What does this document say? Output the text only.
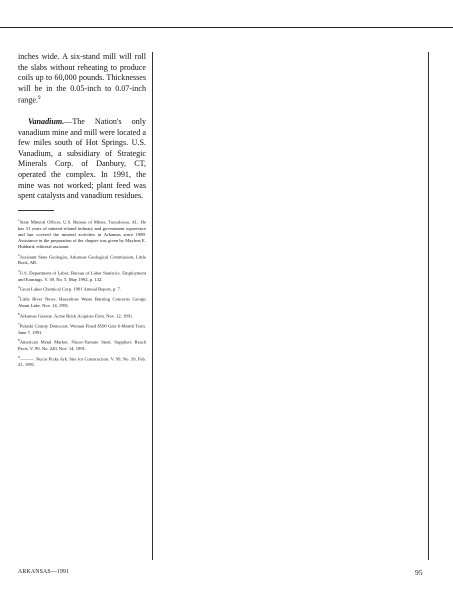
inches wide. A six-stand mill will roll the slabs without reheating to produce coils up to 60,000 pounds. Thicknesses will be in the 0.05-inch to 0.07-inch range.$^9$

Vanadium.—The Nation's only vanadium mine and mill were located a few miles south of Hot Springs. U.S. Vanadium, a subsidiary of Strategic Minerals Corp. of Danbury, CT, operated the complex. In 1991, the mine was not worked; plant feed was spent catalysts and vanadium residues.

$^1$State Mineral Officer, U.S. Bureau of Mines, Tuscaloosa, AL. He has 31 years of mineral-related industry and government experience and has covered the mineral activities in Arkansas since 1989. Assistance in the preparation of the chapter was given by Mayleas E. Hubbard, editorial assistant.

$^2$Assistant State Geologist, Arkansas Geological Commission, Little Rock, AR.

$^3$U.S. Department of Labor, Bureau of Labor Statistics. Employment and Earnings. V. 39, No. 5, May 1992, p. 132.

$^4$Great Lakes Chemical Corp. 1991 Annual Report, p. 7.

$^5$Little River News. Hazardous Waste Burning Concerns Groups About Lake. Nov. 14, 1991.

$^6$Arkansas Gazette. Acme Brick Acquires Firm. Nov. 12, 1991.

$^7$Pulaski County Democrat. Woman Fined $500 Gets 6-Month Term. June 7, 1991.

$^8$American Metal Market. Nucor-Yamato Steel, Suppliers Reach Pacts. V. 99, No. 220, Nov. 14, 1991.

$^9$———. Nucor Picks Ark. Site for Construction. V. 99, No. 39, Feb. 21, 1991.

ARKANSAS—1991	95
